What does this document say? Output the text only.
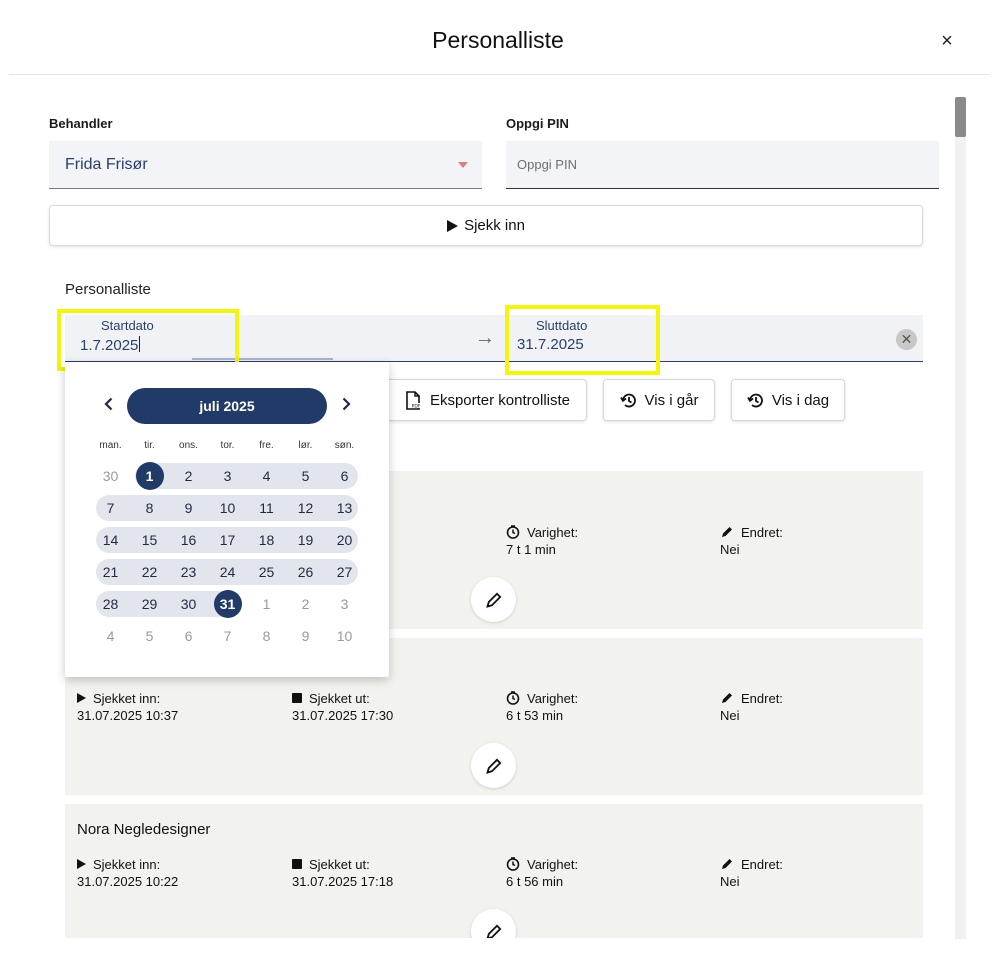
Personalliste	×
Behandler
Frida Frisør
Oppgi PIN
Oppgi PIN
Sjekk inn
Personalliste
Startdato
1.7.2025	→
Sluttdato
31.7.2025	✕
PDF Eksporter kontrolliste	Vis i går	Vis i dag
Varighet:
7 t 1 min
Endret:
Nei
Sjekket inn:
31.07.2025 10:37
Sjekket ut:
31.07.2025 17:30
Varighet:
6 t 53 min
Endret:
Nei
Nora Negledesigner
Sjekket inn:
31.07.2025 10:22
Sjekket ut:
31.07.2025 17:18
Varighet:
6 t 56 min
Endret:
Nei
juli 2025
man.	tir.	ons.	tor.	fre.	lør.	søn.
30	1	2	3	4	5	6
7	8	9	10	11	12	13
14	15	16	17	18	19	20
21	22	23	24	25	26	27
28	29	30	31	1	2	3
4	5	6	7	8	9	10
